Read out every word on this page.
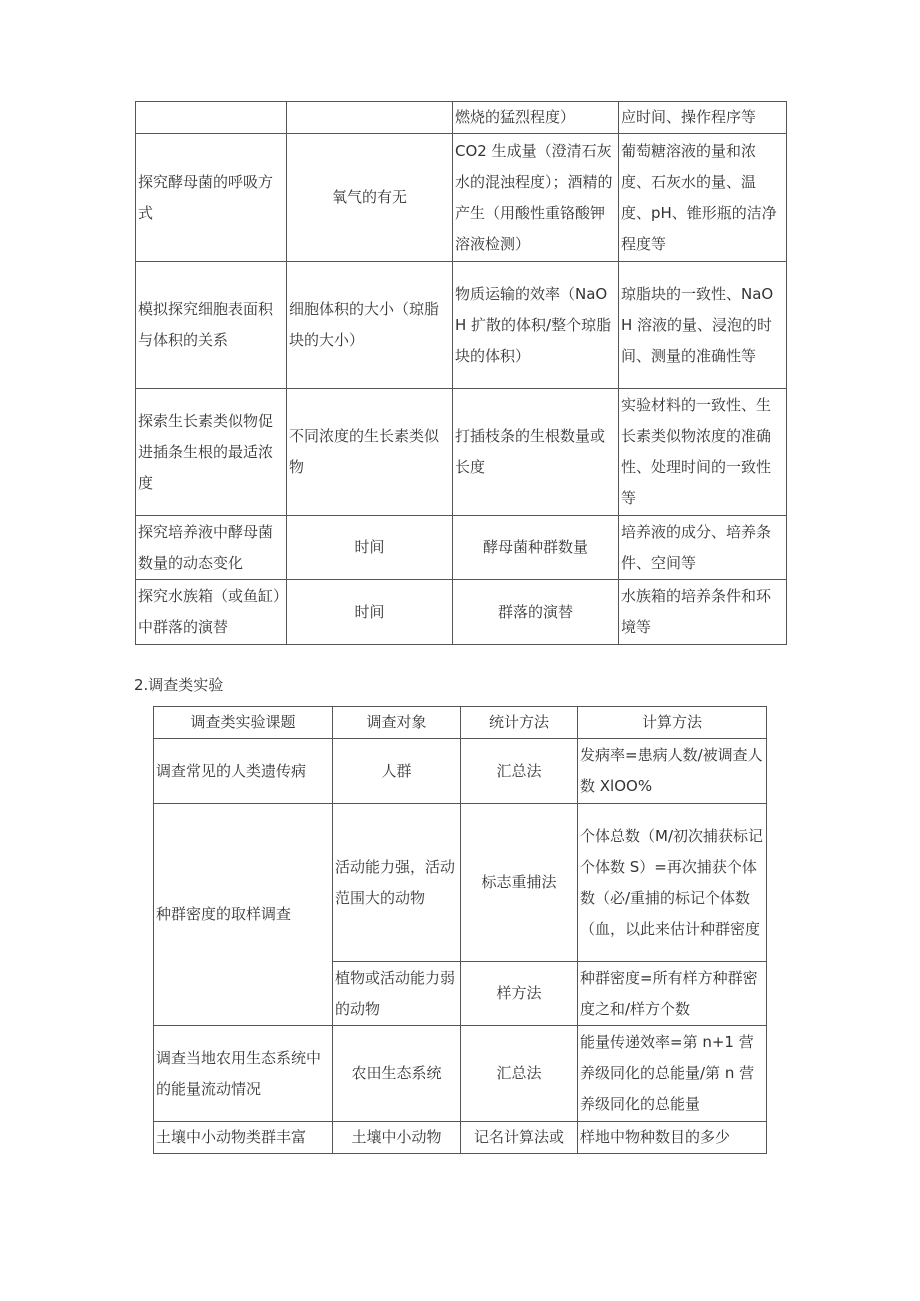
		燃烧的猛烈程度）	应时间、操作程序等
探究酵母菌的呼吸方式	氧气的有无	CO2 生成量（澄清石灰水的混浊程度）；酒精的产生（用酸性重铬酸钾溶液检测）	葡萄糖溶液的量和浓度、石灰水的量、温度、pH、锥形瓶的洁净程度等
模拟探究细胞表面积与体积的关系	细胞体积的大小（琼脂块的大小）	物质运输的效率（NaOH 扩散的体积/整个琼脂块的体积）	琼脂块的一致性、NaOH 溶液的量、浸泡的时间、测量的准确性等
探索生长素类似物促进插条生根的最适浓度	不同浓度的生长素类似物	打插枝条的生根数量或长度	实验材料的一致性、生长素类似物浓度的准确性、处理时间的一致性等
探究培养液中酵母菌数量的动态变化	时间	酵母菌种群数量	培养液的成分、培养条件、空间等
探究水族箱（或鱼缸）中群落的演替	时间	群落的演替	水族箱的培养条件和环境等
2.调查类实验
调查类实验课题	调查对象	统计方法	计算方法
调查常见的人类遗传病	人群	汇总法	发病率=患病人数/被调查人数 XlOO%
种群密度的取样调查	活动能力强，活动范围大的动物	标志重捕法	个体总数（M/初次捕获标记个体数 S）=再次捕获个体数（必/重捕的标记个体数（血，以此来估计种群密度
	植物或活动能力弱的动物	样方法	种群密度=所有样方种群密度之和/样方个数
调查当地农用生态系统中的能量流动情况	农田生态系统	汇总法	能量传递效率=第 n+1 营养级同化的总能量/第 n 营养级同化的总能量
土壤中小动物类群丰富	土壤中小动物	记名计算法或	样地中物种数目的多少
